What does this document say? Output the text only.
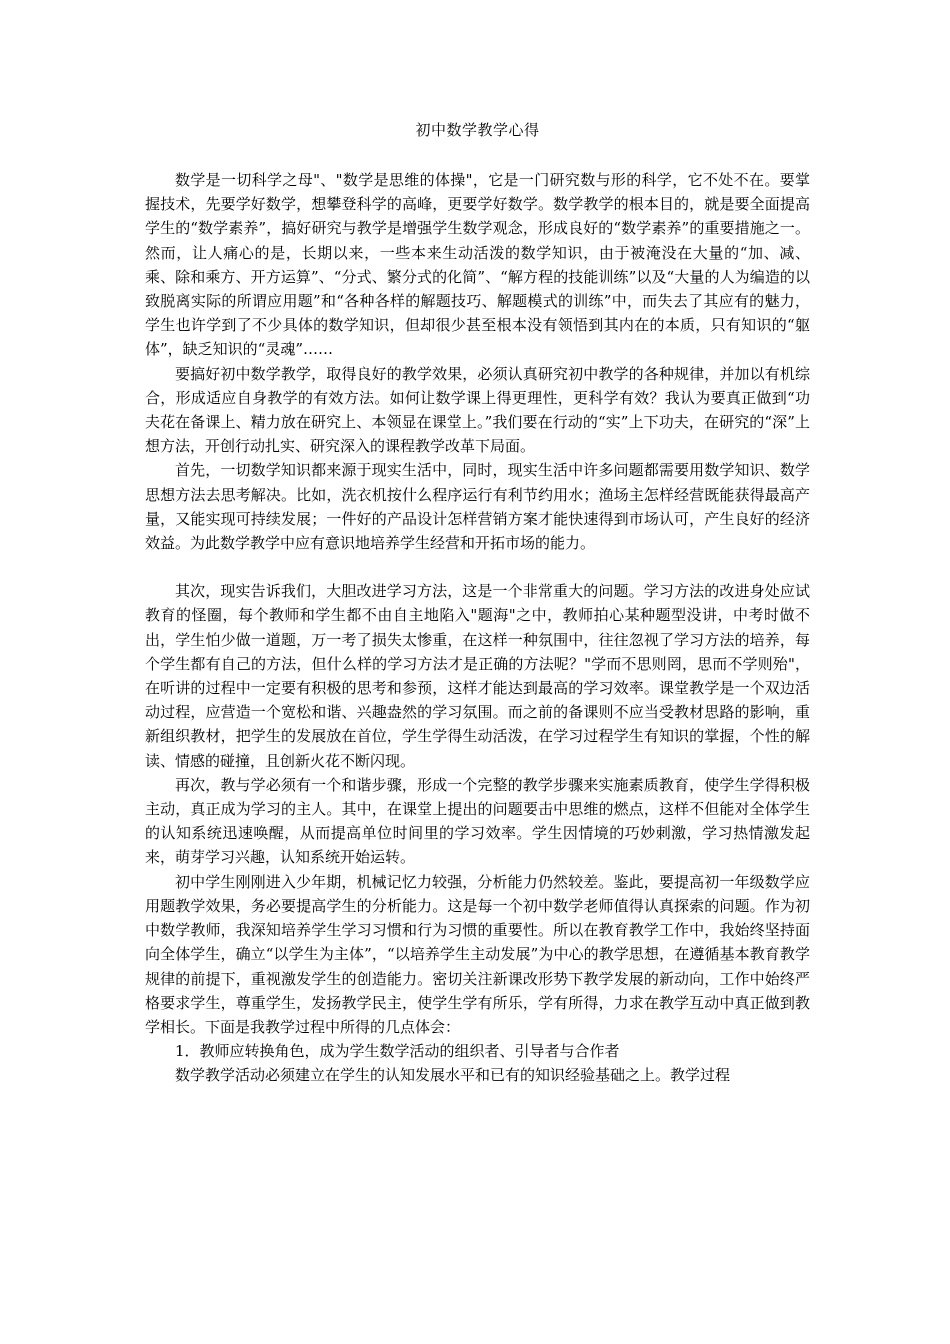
初中数学教学心得

数学是一切科学之母"、"数学是思维的体操"，它是一门研究数与形的科学，它不处不在。要掌握技术，先要学好数学，想攀登科学的高峰，更要学好数学。数学教学的根本目的，就是要全面提高学生的“数学素养”，搞好研究与教学是增强学生数学观念，形成良好的“数学素养”的重要措施之一。然而，让人痛心的是，长期以来，一些本来生动活泼的数学知识，由于被淹没在大量的“加、减、乘、除和乘方、开方运算”、“分式、繁分式的化简”、“解方程的技能训练”以及“大量的人为编造的以致脱离实际的所谓应用题”和“各种各样的解题技巧、解题模式的训练”中，而失去了其应有的魅力，学生也许学到了不少具体的数学知识，但却很少甚至根本没有领悟到其内在的本质，只有知识的“躯体”，缺乏知识的“灵魂”……

要搞好初中数学教学，取得良好的教学效果，必须认真研究初中教学的各种规律，并加以有机综合，形成适应自身教学的有效方法。如何让数学课上得更理性，更科学有效？我认为要真正做到“功夫花在备课上、精力放在研究上、本领显在课堂上。”我们要在行动的“实”上下功夫，在研究的“深”上想方法，开创行动扎实、研究深入的课程教学改革下局面。

首先，一切数学知识都来源于现实生活中，同时，现实生活中许多问题都需要用数学知识、数学思想方法去思考解决。比如，洗衣机按什么程序运行有利节约用水；渔场主怎样经营既能获得最高产量，又能实现可持续发展；一件好的产品设计怎样营销方案才能快速得到市场认可，产生良好的经济效益。为此数学教学中应有意识地培养学生经营和开拓市场的能力。

其次，现实告诉我们，大胆改进学习方法，这是一个非常重大的问题。学习方法的改进身处应试教育的怪圈，每个教师和学生都不由自主地陷入"题海"之中，教师拍心某种题型没讲，中考时做不出，学生怕少做一道题，万一考了损失太惨重，在这样一种氛围中，往往忽视了学习方法的培养，每个学生都有自己的方法，但什么样的学习方法才是正确的方法呢？"学而不思则罔，思而不学则殆"，在听讲的过程中一定要有积极的思考和参预，这样才能达到最高的学习效率。课堂教学是一个双边活动过程，应营造一个宽松和谐、兴趣盎然的学习氛围。而之前的备课则不应当受教材思路的影响，重新组织教材，把学生的发展放在首位，学生学得生动活泼，在学习过程学生有知识的掌握，个性的解读、情感的碰撞，且创新火花不断闪现。

再次，教与学必须有一个和谐步骤，形成一个完整的教学步骤来实施素质教育，使学生学得积极主动，真正成为学习的主人。其中，在课堂上提出的问题要击中思维的燃点，这样不但能对全体学生的认知系统迅速唤醒，从而提高单位时间里的学习效率。学生因情境的巧妙刺激，学习热情激发起来，萌芽学习兴趣，认知系统开始运转。

初中学生刚刚进入少年期，机械记忆力较强，分析能力仍然较差。鉴此，要提高初一年级数学应用题教学效果，务必要提高学生的分析能力。这是每一个初中数学老师值得认真探索的问题。作为初中数学教师，我深知培养学生学习习惯和行为习惯的重要性。所以在教育教学工作中，我始终坚持面向全体学生，确立“以学生为主体”，“以培养学生主动发展”为中心的教学思想，在遵循基本教育教学规律的前提下，重视激发学生的创造能力。密切关注新课改形势下教学发展的新动向，工作中始终严格要求学生，尊重学生，发扬教学民主，使学生学有所乐，学有所得，力求在教学互动中真正做到教学相长。下面是我教学过程中所得的几点体会：

1．教师应转换角色，成为学生数学活动的组织者、引导者与合作者

数学教学活动必须建立在学生的认知发展水平和已有的知识经验基础之上。教学过程
